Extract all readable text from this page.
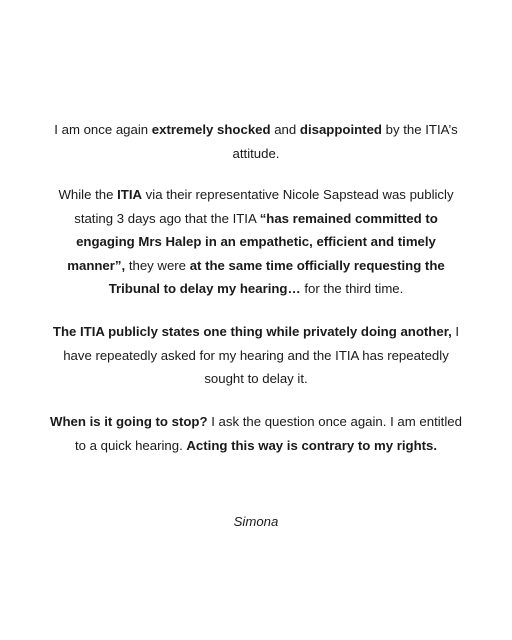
I am once again extremely shocked and disappointed by the ITIA’s attitude.

While the ITIA via their representative Nicole Sapstead was publicly stating 3 days ago that the ITIA “has remained committed to engaging Mrs Halep in an empathetic, efficient and timely manner”, they were at the same time officially requesting the Tribunal to delay my hearing… for the third time.

The ITIA publicly states one thing while privately doing another, I have repeatedly asked for my hearing and the ITIA has repeatedly sought to delay it.

When is it going to stop? I ask the question once again. I am entitled to a quick hearing. Acting this way is contrary to my rights.

Simona
